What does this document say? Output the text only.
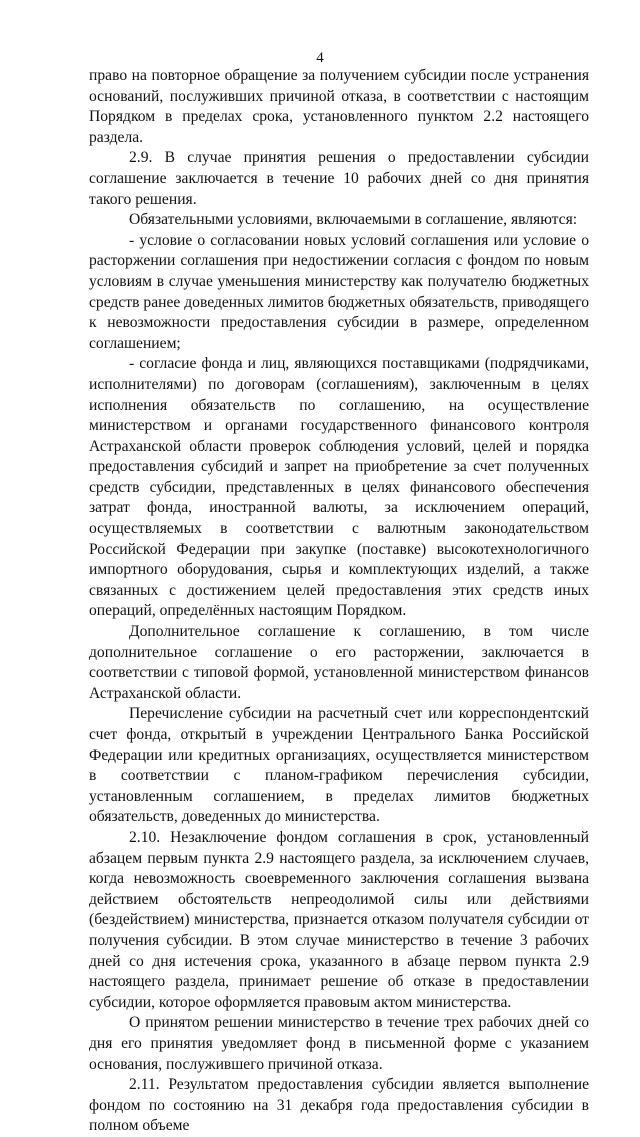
4

право на повторное обращение за получением субсидии после устранения оснований, послуживших причиной отказа, в соответствии с настоящим Порядком в пределах срока, установленного пунктом 2.2 настоящего раздела.

2.9. В случае принятия решения о предоставлении субсидии соглашение заключается в течение 10 рабочих дней со дня принятия такого решения.

Обязательными условиями, включаемыми в соглашение, являются:

- условие о согласовании новых условий соглашения или условие о расторжении соглашения при недостижении согласия с фондом по новым условиям в случае уменьшения министерству как получателю бюджетных средств ранее доведенных лимитов бюджетных обязательств, приводящего к невозможности предоставления субсидии в размере, определенном соглашением;

- согласие фонда и лиц, являющихся поставщиками (подрядчиками, исполнителями) по договорам (соглашениям), заключенным в целях исполнения обязательств по соглашению, на осуществление министерством и органами государственного финансового контроля Астраханской области проверок соблюдения условий, целей и порядка предоставления субсидий и запрет на приобретение за счет полученных средств субсидии, представленных в целях финансового обеспечения затрат фонда, иностранной валюты, за исключением операций, осуществляемых в соответствии с валютным законодательством Российской Федерации при закупке (поставке) высокотехнологичного импортного оборудования, сырья и комплектующих изделий, а также связанных с достижением целей предоставления этих средств иных операций, определённых настоящим Порядком.

Дополнительное соглашение к соглашению, в том числе дополнительное соглашение о его расторжении, заключается в соответствии с типовой формой, установленной министерством финансов Астраханской области.

Перечисление субсидии на расчетный счет или корреспондентский счет фонда, открытый в учреждении Центрального Банка Российской Федерации или кредитных организациях, осуществляется министерством в соответствии с планом-графиком перечисления субсидии, установленным соглашением, в пределах лимитов бюджетных обязательств, доведенных до министерства.

2.10. Незаключение фондом соглашения в срок, установленный абзацем первым пункта 2.9 настоящего раздела, за исключением случаев, когда невозможность своевременного заключения соглашения вызвана действием обстоятельств непреодолимой силы или действиями (бездействием) министерства, признается отказом получателя субсидии от получения субсидии. В этом случае министерство в течение 3 рабочих дней со дня истечения срока, указанного в абзаце первом пункта 2.9 настоящего раздела, принимает решение об отказе в предоставлении субсидии, которое оформляется правовым актом министерства.

О принятом решении министерство в течение трех рабочих дней со дня его принятия уведомляет фонд в письменной форме с указанием основания, послужившего причиной отказа.

2.11. Результатом предоставления субсидии является выполнение фондом по состоянию на 31 декабря года предоставления субсидии в полном объеме
